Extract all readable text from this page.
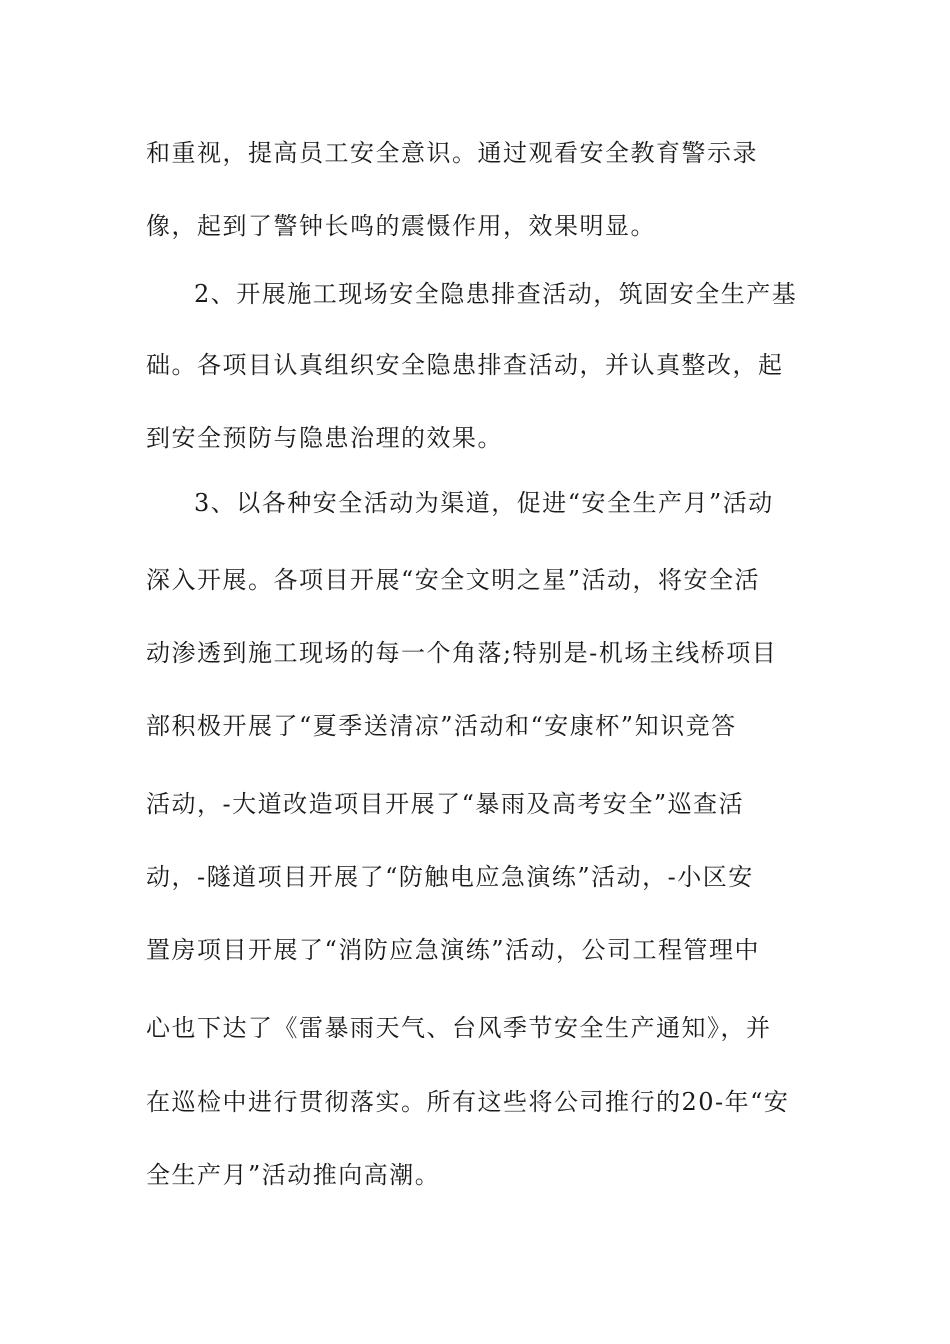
和重视，提高员工安全意识。通过观看安全教育警示录
像，起到了警钟长鸣的震慑作用，效果明显。
2、开展施工现场安全隐患排查活动，筑固安全生产基
础。各项目认真组织安全隐患排查活动，并认真整改，起
到安全预防与隐患治理的效果。
3、以各种安全活动为渠道，促进“安全生产月”活动
深入开展。各项目开展“安全文明之星”活动，将安全活
动渗透到施工现场的每一个角落;特别是-机场主线桥项目
部积极开展了“夏季送清凉”活动和“安康杯”知识竞答
活动，-大道改造项目开展了“暴雨及高考安全”巡查活
动，-隧道项目开展了“防触电应急演练”活动，-小区安
置房项目开展了“消防应急演练”活动，公司工程管理中
心也下达了《雷暴雨天气、台风季节安全生产通知》，并
在巡检中进行贯彻落实。所有这些将公司推行的20-年“安
全生产月”活动推向高潮。
